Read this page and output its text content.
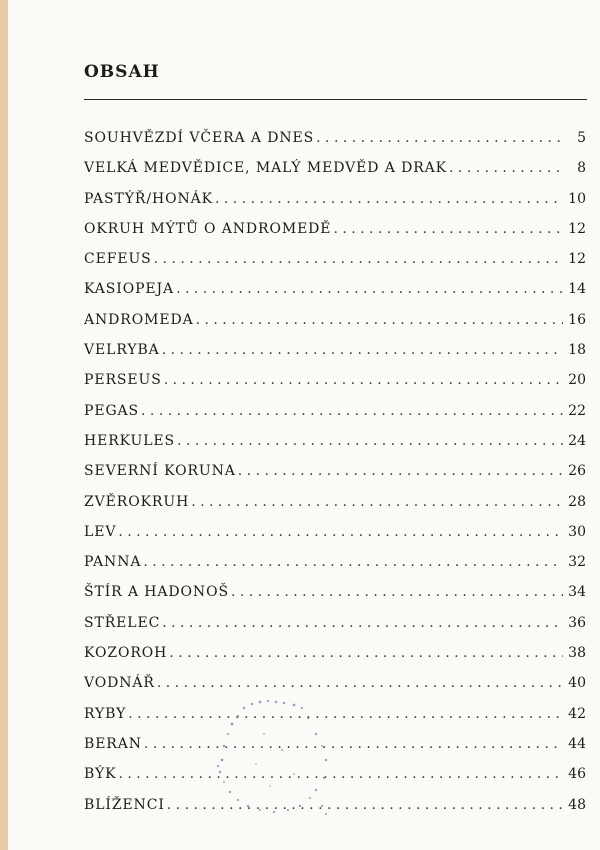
OBSAH
SOUHVĚZDÍ VČERA A DNES . . .	5
VELKÁ MEDVĚDICE, MALÝ MEDVĚD A DRAK . . .	8
PASTÝŘ/HONÁK . . .	10
OKRUH MÝTŮ O ANDROMEDĚ . . .	12
CEFEUS . . .	12
KASIOPEJA . . .	14
ANDROMEDA . . .	16
VELRYBA . . .	18
PERSEUS . . .	20
PEGAS . . .	22
HERKULES . . .	24
SEVERNÍ KORUNA . . .	26
ZVĚROKRUH . . .	28
LEV . . .	30
PANNA . . .	32
ŠTÍR A HADONOŠ . . .	34
STŘELEC . . .	36
KOZOROH . . .	38
VODNÁŘ . . .	40
RYBY . . .	42
BERAN . . .	44
BÝK . . .	46
BLÍŽENCI . . .	48
